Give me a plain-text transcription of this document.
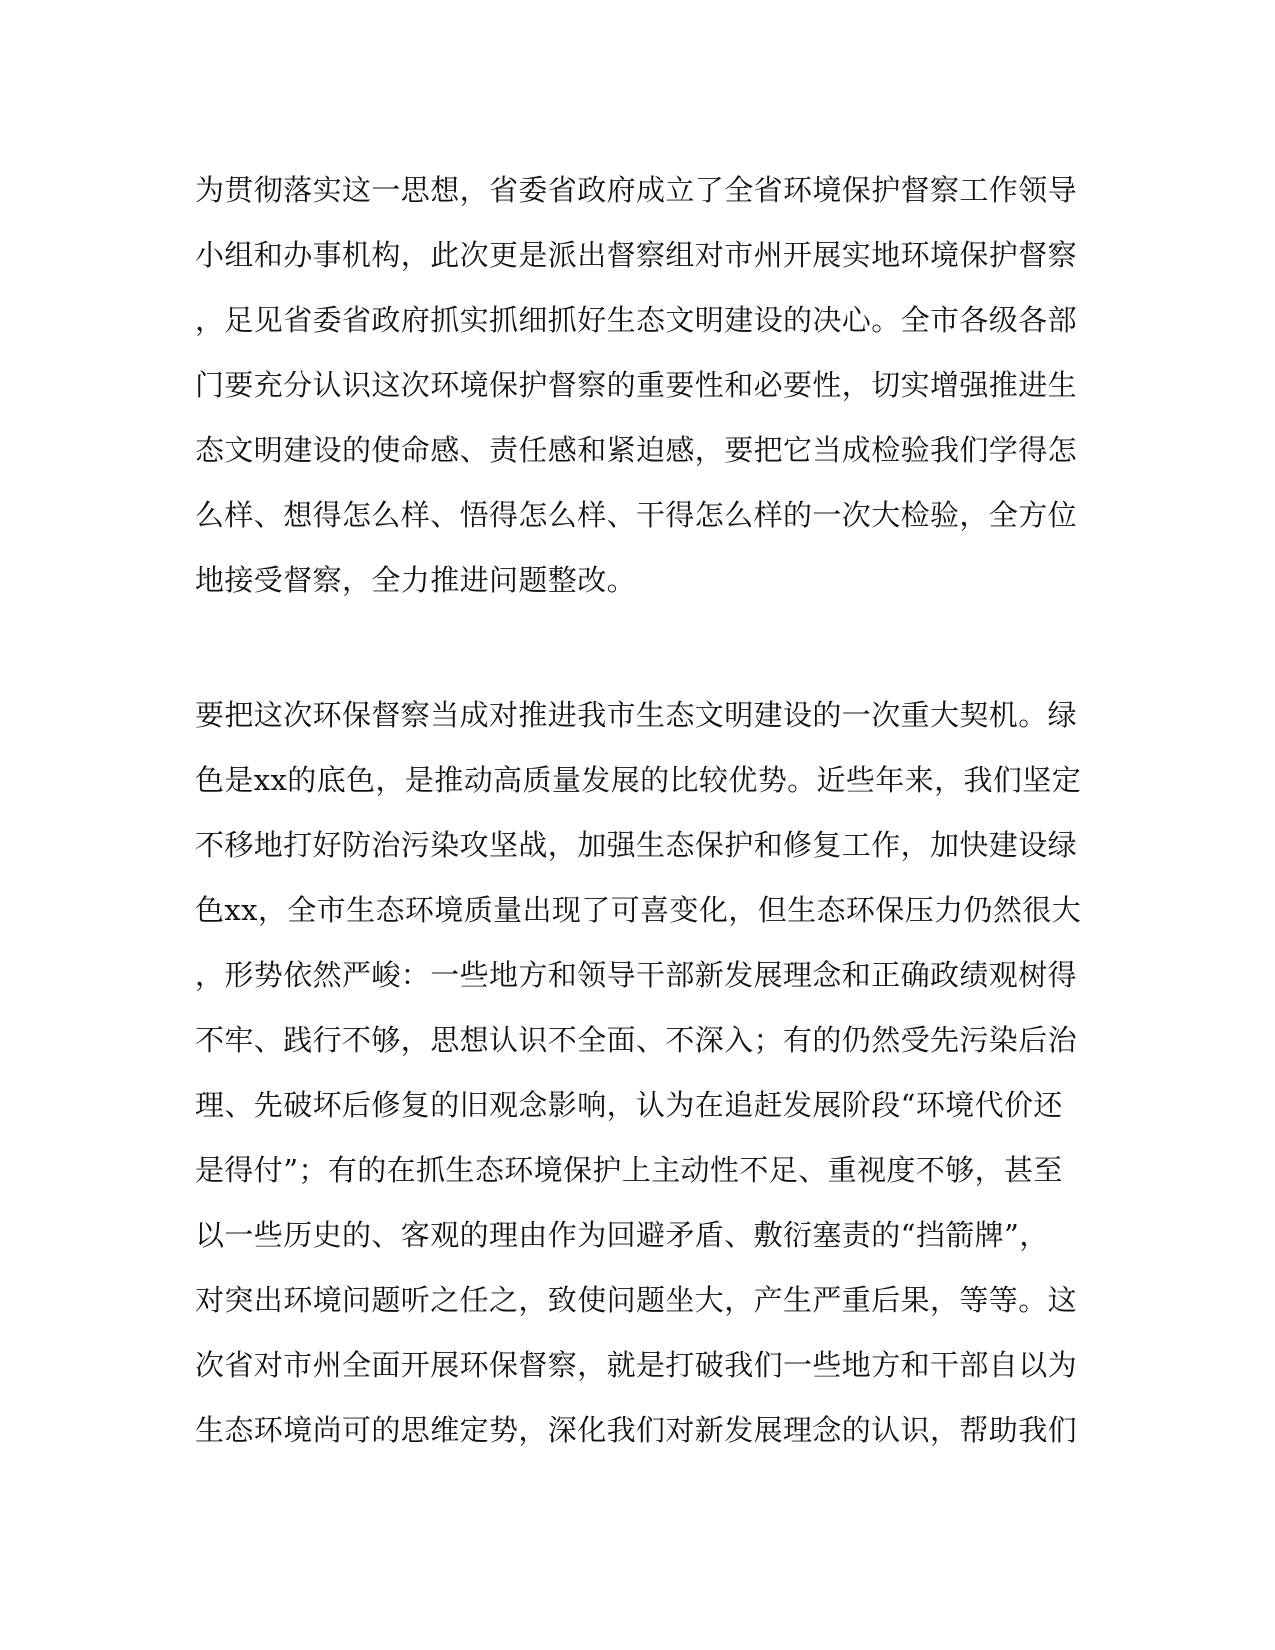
为贯彻落实这一思想，省委省政府成立了全省环境保护督察工作领导
小组和办事机构，此次更是派出督察组对市州开展实地环境保护督察
，足见省委省政府抓实抓细抓好生态文明建设的决心。全市各级各部
门要充分认识这次环境保护督察的重要性和必要性，切实增强推进生
态文明建设的使命感、责任感和紧迫感，要把它当成检验我们学得怎
么样、想得怎么样、悟得怎么样、干得怎么样的一次大检验，全方位
地接受督察，全力推进问题整改。
要把这次环保督察当成对推进我市生态文明建设的一次重大契机。绿
色是xx的底色，是推动高质量发展的比较优势。近些年来，我们坚定
不移地打好防治污染攻坚战，加强生态保护和修复工作，加快建设绿
色xx，全市生态环境质量出现了可喜变化，但生态环保压力仍然很大
，形势依然严峻：一些地方和领导干部新发展理念和正确政绩观树得
不牢、践行不够，思想认识不全面、不深入；有的仍然受先污染后治
理、先破坏后修复的旧观念影响，认为在追赶发展阶段“环境代价还
是得付”；有的在抓生态环境保护上主动性不足、重视度不够，甚至
以一些历史的、客观的理由作为回避矛盾、敷衍塞责的“挡箭牌”，
对突出环境问题听之任之，致使问题坐大，产生严重后果，等等。这
次省对市州全面开展环保督察，就是打破我们一些地方和干部自以为
生态环境尚可的思维定势，深化我们对新发展理念的认识，帮助我们
